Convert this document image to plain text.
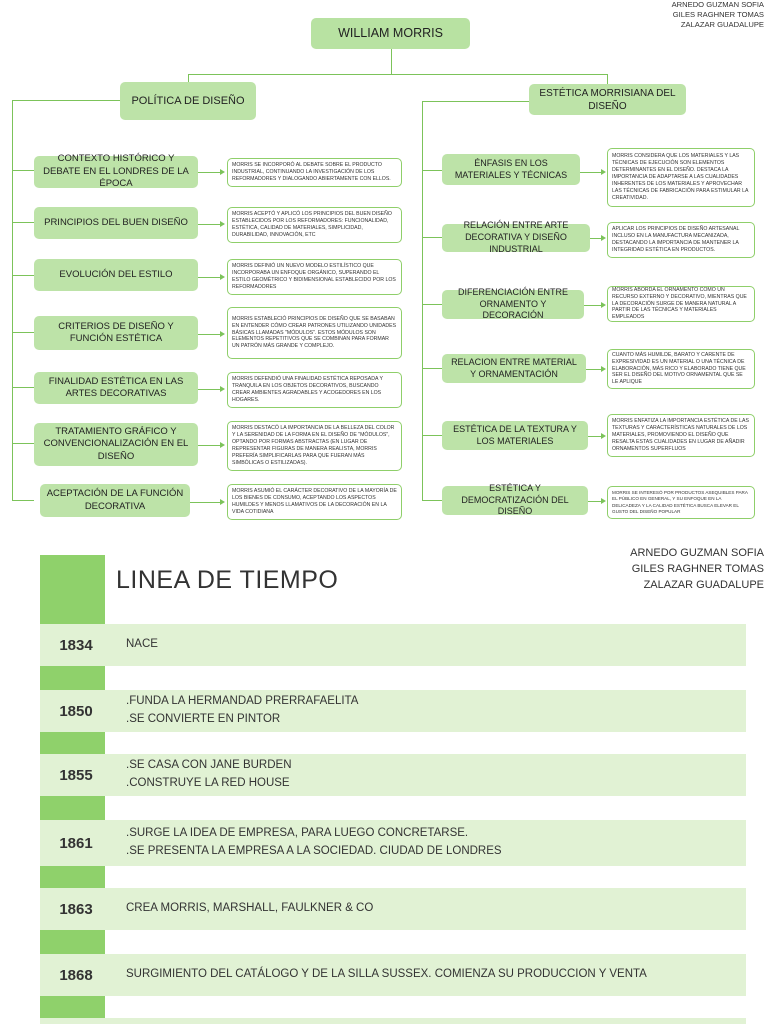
ARNEDO GUZMAN SOFIA
GILES RAGHNER TOMAS
ZALAZAR GUADALUPE
WILLIAM MORRIS
POLÍTICA DE DISEÑO
ESTÉTICA MORRISIANA DEL DISEÑO
CONTEXTO HISTÓRICO Y DEBATE EN EL LONDRES DE LA ÉPOCA
MORRIS SE INCORPORÓ AL DEBATE SOBRE EL PRODUCTO INDUSTRIAL, CONTINUANDO LA INVESTIGACIÓN DE LOS REFORMADORES Y DIALOGANDO ABIERTAMENTE CON ELLOS.
PRINCIPIOS DEL BUEN DISEÑO
MORRIS ACEPTÓ Y APLICÓ LOS PRINCIPIOS DEL BUEN DISEÑO ESTABLECIDOS POR LOS REFORMADORES: FUNCIONALIDAD, ESTÉTICA, CALIDAD DE MATERIALES, SIMPLICIDAD, DURABILIDAD, INNOVACIÓN, ETC
EVOLUCIÓN DEL ESTILO
MORRIS DEFINIÓ UN NUEVO MODELO ESTILÍSTICO QUE INCORPORABA UN ENFOQUE ORGÁNICO, SUPERANDO EL ESTILO GEOMÉTRICO Y BIDIMENSIONAL ESTABLECIDO POR LOS REFORMADORES
CRITERIOS DE DISEÑO Y FUNCIÓN ESTÉTICA
MORRIS ESTABLECIÓ PRINCIPIOS DE DISEÑO QUE SE BASABAN EN ENTENDER CÓMO CREAR PATRONES UTILIZANDO UNIDADES BÁSICAS LLAMADAS "MÓDULOS". ESTOS MÓDULOS SON ELEMENTOS REPETITIVOS QUE SE COMBINAN PARA FORMAR UN PATRÓN MÁS GRANDE Y COMPLEJO.
FINALIDAD ESTÉTICA EN LAS ARTES DECORATIVAS
MORRIS DEFENDIÓ UNA FINALIDAD ESTÉTICA REPOSADA Y TRANQUILA EN LOS OBJETOS DECORATIVOS, BUSCANDO CREAR AMBIENTES AGRADABLES Y ACOGEDORES EN LOS HOGARES.
TRATAMIENTO GRÁFICO Y CONVENCIONALIZACIÓN EN EL DISEÑO
MORRIS DESTACÓ LA IMPORTANCIA DE LA BELLEZA DEL COLOR Y LA SERENIDAD DE LA FORMA EN EL DISEÑO DE "MÓDULOS", OPTANDO POR FORMAS ABSTRACTAS (EN LUGAR DE REPRESENTAR FIGURAS DE MANERA REALISTA, MORRIS PREFERÍA SIMPLIFICARLAS PARA QUE FUERAN MÁS SIMBÓLICAS O ESTILIZADAS).
ACEPTACIÓN DE LA FUNCIÓN DECORATIVA
MORRIS ASUMIÓ EL CARÁCTER DECORATIVO DE LA MAYORÍA DE LOS BIENES DE CONSUMO, ACEPTANDO LOS ASPECTOS HUMILDES Y MENOS LLAMATIVOS DE LA DECORACIÓN EN LA VIDA COTIDIANA
ÉNFASIS EN LOS MATERIALES Y TÉCNICAS
MORRIS CONSIDERA QUE LOS MATERIALES Y LAS TÉCNICAS DE EJECUCIÓN SON ELEMENTOS DETERMINANTES EN EL DISEÑO. DESTACA LA IMPORTANCIA DE ADAPTARSE A LAS CUALIDADES INHERENTES DE LOS MATERIALES Y APROVECHAR LAS TÉCNICAS DE FABRICACIÓN PARA ESTIMULAR LA CREATIVIDAD.
RELACIÓN ENTRE ARTE DECORATIVA Y DISEÑO INDUSTRIAL
APLICAR LOS PRINCIPIOS DE DISEÑO ARTESANAL INCLUSO EN LA MANUFACTURA MECANIZADA, DESTACANDO LA IMPORTANCIA DE MANTENER LA INTEGRIDAD ESTÉTICA EN PRODUCTOS.
DIFERENCIACIÓN ENTRE ORNAMENTO Y DECORACIÓN
MORRIS ABORDA EL ORNAMENTO COMO UN RECURSO EXTERNO Y DECORATIVO, MIENTRAS QUE LA DECORACIÓN SURGE DE MANERA NATURAL A PARTIR DE LAS TÉCNICAS Y MATERIALES EMPLEADOS
RELACION ENTRE MATERIAL Y ORNAMENTACIÓN
CUANTO MÁS HUMILDE, BARATO Y CARENTE DE EXPRESIVIDAD ES UN MATERIAL O UNA TÉCNICA DE ELABORACIÓN, MÁS RICO Y ELABORADO TIENE QUE SER EL DISEÑO DEL MOTIVO ORNAMENTAL QUE SE LE APLIQUE
ESTÉTICA DE LA TEXTURA Y LOS MATERIALES
MORRIS ENFATIZA LA IMPORTANCIA ESTÉTICA DE LAS TEXTURAS Y CARACTERÍSTICAS NATURALES DE LOS MATERIALES, PROMOVIENDO EL DISEÑO QUE RESALTA ESTAS CUALIDADES EN LUGAR DE AÑADIR ORNAMENTOS SUPERFLUOS
ESTÉTICA Y DEMOCRATIZACIÓN DEL DISEÑO
MORRIS SE INTERESÓ POR PRODUCTOS ASEQUIBLES PARA EL PÚBLICO EN GENERAL, Y SU ENFOQUE EN LA DELICADEZA Y LA CALIDAD ESTÉTICA BUSCA ELEVAR EL GUSTO DEL DISEÑO POPULAR
LINEA DE TIEMPO
ARNEDO GUZMAN SOFIA
GILES RAGHNER TOMAS
ZALAZAR GUADALUPE
1834	NACE
1850
.FUNDA LA HERMANDAD PRERRAFAELITA
.SE CONVIERTE EN PINTOR
1855
.SE CASA CON JANE BURDEN
.CONSTRUYE LA RED HOUSE
1861
.SURGE LA IDEA DE EMPRESA, PARA LUEGO CONCRETARSE.
.SE PRESENTA LA EMPRESA A LA SOCIEDAD. CIUDAD DE LONDRES
1863	CREA MORRIS, MARSHALL, FAULKNER & CO
1868	SURGIMIENTO DEL CATÁLOGO Y DE LA SILLA SUSSEX. COMIENZA SU PRODUCCION Y VENTA
